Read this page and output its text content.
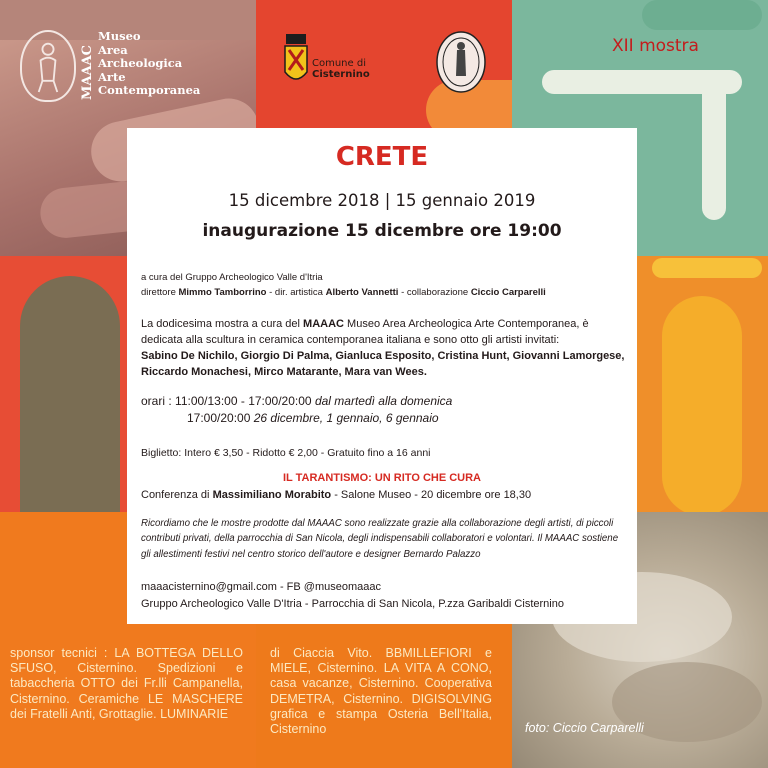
MAAAC
Museo
Area
Archeologica
Arte
Contemporanea
Comune di
Cisternino
XII mostra
CRETE
15 dicembre 2018 | 15 gennaio 2019
inaugurazione 15 dicembre ore 19:00
a cura del Gruppo Archeologico Valle d'Itria
direttore Mimmo Tamborrino - dir. artistica Alberto Vannetti - collaborazione Ciccio Carparelli
La dodicesima mostra a cura del MAAAC Museo Area Archeologica Arte Contemporanea, è dedicata alla scultura in ceramica contemporanea italiana e sono otto gli artisti invitati:
Sabino De Nichilo, Giorgio Di Palma, Gianluca Esposito, Cristina Hunt, Giovanni Lamorgese, Riccardo Monachesi, Mirco Matarante, Mara van Wees.
orari : 11:00/13:00 - 17:00/20:00 dal martedì alla domenica
17:00/20:00 26 dicembre, 1 gennaio, 6 gennaio
Biglietto: Intero € 3,50 - Ridotto € 2,00 - Gratuito fino a 16 anni
IL TARANTISMO: UN RITO CHE CURA
Conferenza di Massimiliano Morabito - Salone Museo - 20 dicembre ore 18,30
Ricordiamo che le mostre prodotte dal MAAAC sono realizzate grazie alla collaborazione degli artisti, di piccoli contributi privati, della parrocchia di San Nicola, degli indispensabili collaboratori e volontari. Il MAAAC sostiene gli allestimenti festivi nel centro storico dell'autore e designer Bernardo Palazzo
maaacisternino@gmail.com - FB @museomaaac
Gruppo Archeologico Valle D'Itria - Parrocchia di San Nicola, P.zza Garibaldi Cisternino
sponsor tecnici : LA BOTTEGA DELLO SFUSO, Cisternino. Spedizioni e tabaccheria OTTO dei Fr.lli Campanella, Cisternino. Ceramiche LE MASCHERE dei Fratelli Anti, Grottaglie. LUMINARIE
di Ciaccia Vito. BBMILLEFIORI e MIELE, Cisternino. LA VITA A CONO, casa vacanze, Cisternino. Cooperativa DEMETRA, Cisternino. DIGISOLVING grafica e stampa Osteria Bell'Italia, Cisternino	foto: Ciccio Carparelli
